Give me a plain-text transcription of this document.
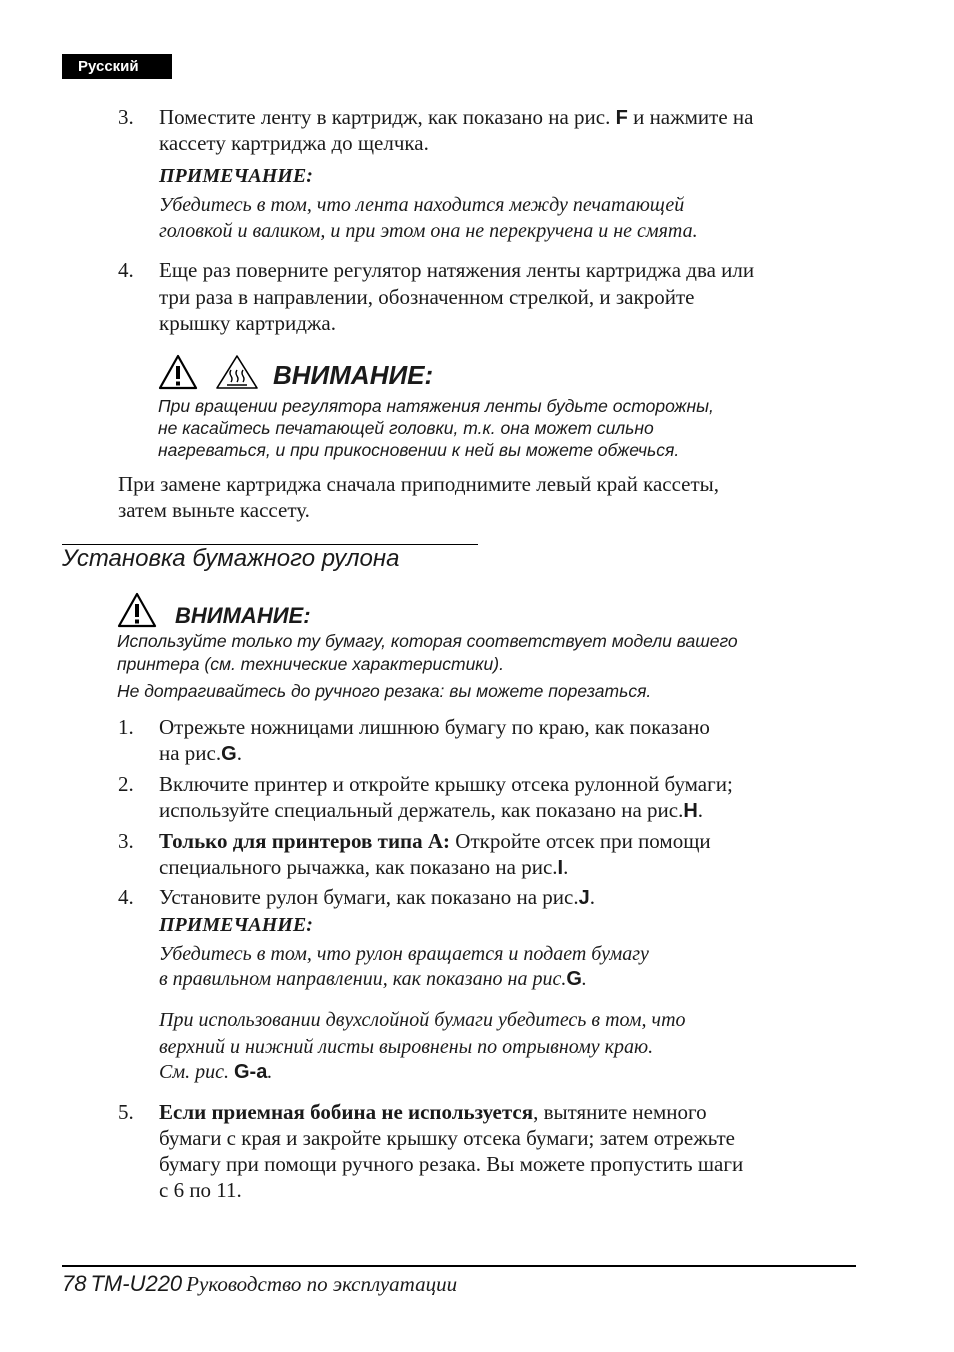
Русский
3. Поместите ленту в картридж, как показано на рис. F и нажмите на
кассету картриджа до щелчка.
ПРИМЕЧАНИЕ:
Убедитесь в том, что лента находится между печатающей
головкой и валиком, и при этом она не перекручена и не смята.
4. Еще раз поверните регулятор натяжения ленты картриджа два или
три раза в направлении, обозначенном стрелкой, и закройте
крышку картриджа.
ВНИМАНИЕ:
При вращении регулятора натяжения ленты будьте осторожны,
не касайтесь печатающей головки, т.к. она может сильно
нагреваться, и при прикосновении к ней вы можете обжечься.
При замене картриджа сначала приподнимите левый край кассеты,
затем выньте кассету.
Установка бумажного рулона
ВНИМАНИЕ:
Используйте только ту бумагу, которая соответствует модели вашего
принтера (см. технические характеристики).
Не дотрагивайтесь до ручного резака: вы можете порезаться.
1. Отрежьте ножницами лишнюю бумагу по краю, как показано
на рис.G.
2. Включите принтер и откройте крышку отсека рулонной бумаги;
используйте специальный держатель, как показано на рис.H.
3. Только для принтеров типа А: Откройте отсек при помощи
специального рычажка, как показано на рис.I.
4. Установите рулон бумаги, как показано на рис.J.
ПРИМЕЧАНИЕ:
Убедитесь в том, что рулон вращается и подает бумагу
в правильном направлении, как показано на рис.G.
При использовании двухслойной бумаги убедитесь в том, что
верхний и нижний листы выровнены по отрывному краю.
См. рис. G-a.
5. Если приемная бобина не используется, вытяните немного
бумаги с края и закройте крышку отсека бумаги; затем отрежьте
бумагу при помощи ручного резака. Вы можете пропустить шаги
с 6 по 11.
78 TM-U220 Руководство по эксплуатации
